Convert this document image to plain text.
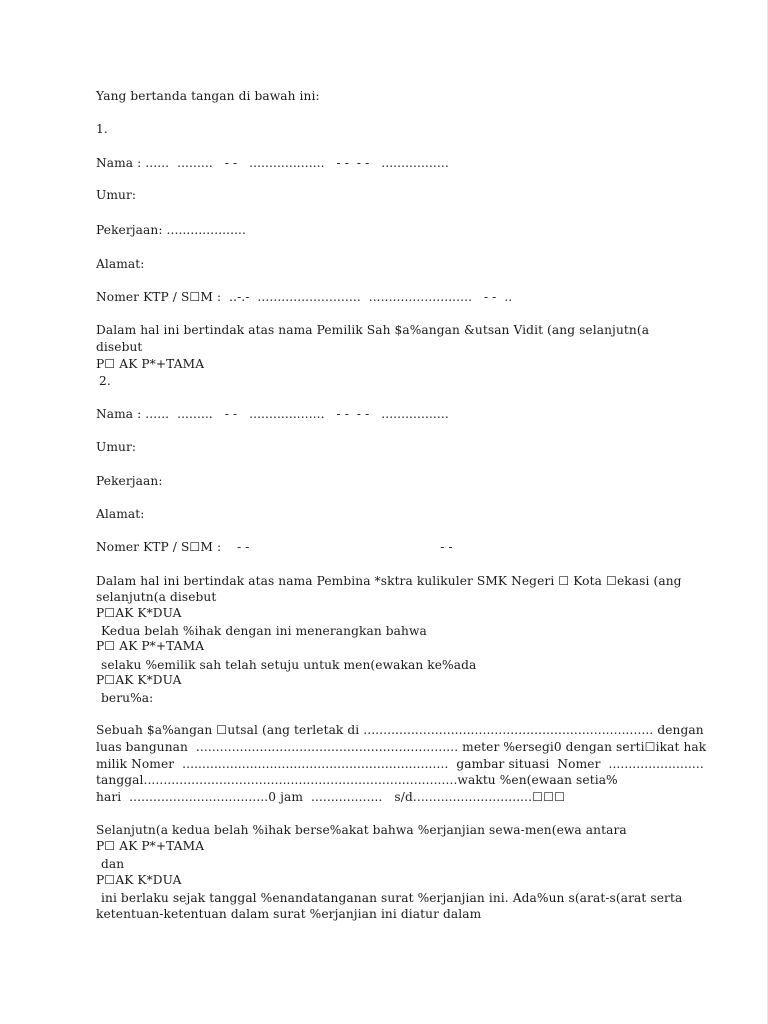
Yang bertanda tangan di bawah ini:
1.
Nama : ......  .........   - -   ...................   - -  - -   .................
Umur:
Pekerjaan: ....................
Alamat:
Nomer KTP / S☐M :  ..-.-  ..........................  ..........................   - -  ..
Dalam hal ini bertindak atas nama Pemilik Sah $a%angan &utsan Vidit (ang selanjutn(a
disebut
P☐ AK P*+TAMA
2.
Nama : ......  .........   - -   ...................   - -  - -   .................
Umur:
Pekerjaan:
Alamat:
Nomer KTP / S☐M :    - -                                                - -
Dalam hal ini bertindak atas nama Pembina *sktra kulikuler SMK Negeri ☐ Kota ☐ekasi (ang
selanjutn(a disebut
P☐AK K*DUA
Kedua belah %ihak dengan ini menerangkan bahwa
P☐ AK P*+TAMA
selaku %emilik sah telah setuju untuk men(ewakan ke%ada
P☐AK K*DUA
beru%a:
Sebuah $a%angan ☐utsal (ang terletak di ......................................................................... dengan
luas bangunan  .................................................................. meter %ersegi0 dengan serti☐ikat hak
milik Nomer  ...................................................................  gambar situasi  Nomer  ........................
tanggal...............................................................................waktu %en(ewaan setia%
hari  ...................................0 jam  ..................   s/d..............................☐☐☐
Selanjutn(a kedua belah %ihak berse%akat bahwa %erjanjian sewa-men(ewa antara
P☐ AK P*+TAMA
dan
P☐AK K*DUA
ini berlaku sejak tanggal %enandatanganan surat %erjanjian ini. Ada%un s(arat-s(arat serta
ketentuan-ketentuan dalam surat %erjanjian ini diatur dalam
